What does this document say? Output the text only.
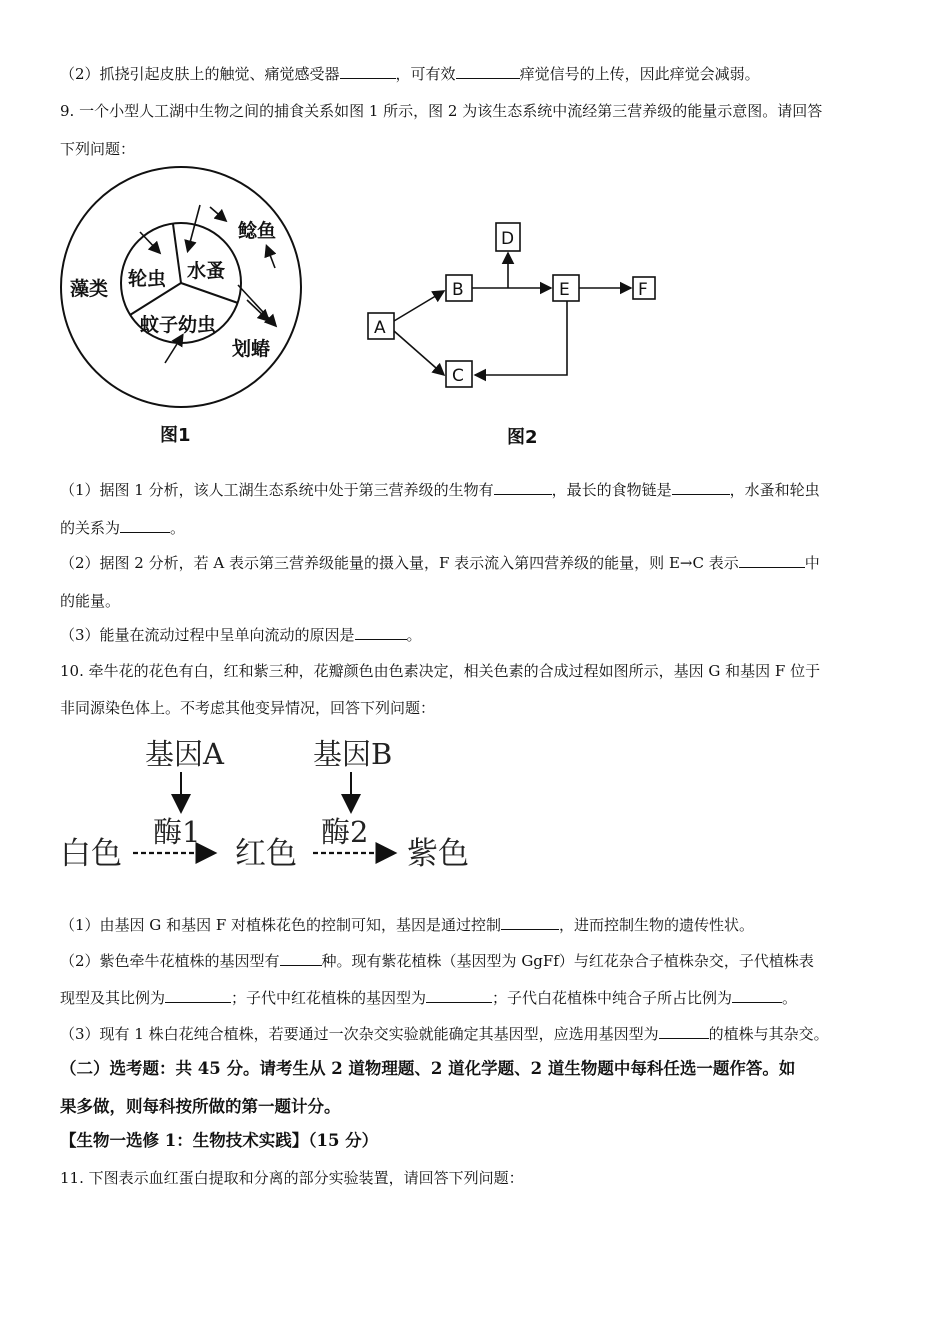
（2）抓挠引起皮肤上的触觉、痛觉感受器	，可有效	痒觉信号的上传，因此痒觉会减弱。
9. 一个小型人工湖中生物之间的捕食关系如图 1 所示，图 2 为该生态系统中流经第三营养级的能量示意图。请回答
下列问题：
藻类 轮虫 水蚤
蚊子幼虫
鲶鱼
划蝽
图1
A
B
C
D
E	F
图2
（1）据图 1 分析，该人工湖生态系统中处于第三营养级的生物有	，最长的食物链是	，水蚤和轮虫
的关系为	。
（2）据图 2 分析，若 A 表示第三营养级能量的摄入量，F 表示流入第四营养级的能量，则 E→C 表示	中
的能量。
（3）能量在流动过程中呈单向流动的原因是	。
10. 牵牛花的花色有白，红和紫三种，花瓣颜色由色素决定，相关色素的合成过程如图所示，基因 G 和基因 F 位于
非同源染色体上。不考虑其他变异情况，回答下列问题：
基因A	基因B
酶1	酶2
白色	红色	紫色
（1）由基因 G 和基因 F 对植株花色的控制可知，基因是通过控制	，进而控制生物的遗传性状。
（2）紫色牵牛花植株的基因型有	种。现有紫花植株（基因型为 GgFf）与红花杂合子植株杂交，子代植株表
现型及其比例为	；子代中红花植株的基因型为	；子代白花植株中纯合子所占比例为	。
（3）现有 1 株白花纯合植株，若要通过一次杂交实验就能确定其基因型，应选用基因型为	的植株与其杂交。
（二）选考题：共 45 分。请考生从 2 道物理题、2 道化学题、2 道生物题中每科任选一题作答。如
果多做，则每科按所做的第一题计分。
【生物一选修 1：生物技术实践】（15 分）
11. 下图表示血红蛋白提取和分离的部分实验装置，请回答下列问题：
